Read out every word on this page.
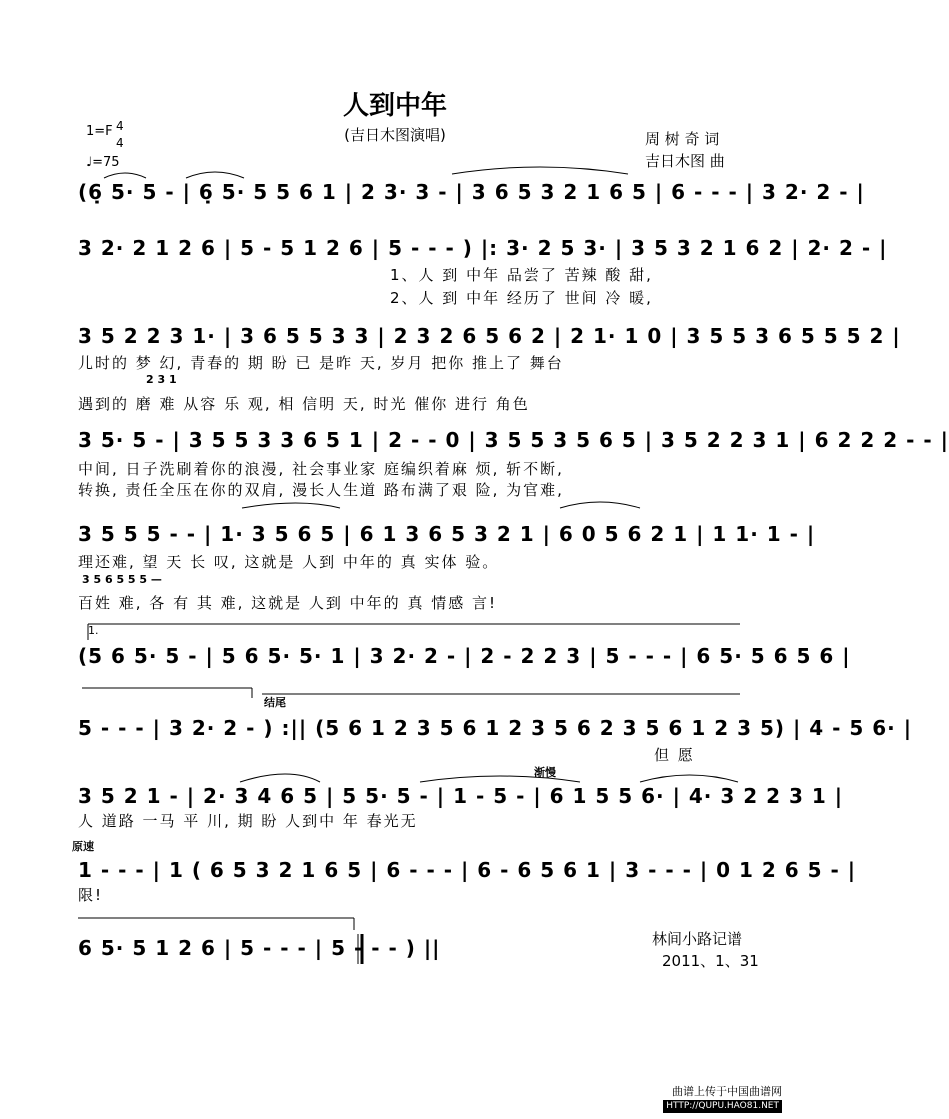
人到中年
(吉日木图演唱)
1=F 4
4
♩=75
周 树 奇 词
吉日木图 曲
(6̣ 5· 5 - | 6̣ 5· 5 5 6 1 | 2 3· 3 - | 3 6 5 3 2 1 6 5 | 6 - - - | 3 2· 2 - |
3 2· 2 1 2 6 | 5 - 5 1 2 6 | 5 - - - ) |: 3· 2 5 3· | 3 5 3 2 1 6 2 | 2· 2 - |
1、人 到 中年 品尝了 苦辣 酸 甜,
2、人 到 中年 经历了 世间 冷 暖,
3 5 2 2 3 1· | 3 6 5 5 3 3 | 2 3 2 6 5 6 2 | 2 1· 1 0 | 3 5 5 3 6 5 5 5 2 |
儿时的 梦 幻, 青春的 期 盼 已 是昨 天, 岁月 把你 推上了 舞台
2 3 1
遇到的 磨 难 从容 乐 观, 相 信明 天, 时光 催你 进行 角色
3 5· 5 - | 3 5 5 3 3 6 5 1 | 2 - - 0 | 3 5 5 3 5 6 5 | 3 5 2 2 3 1 | 6 2 2 2 - - |
中间, 日子洗刷着你的浪漫, 社会事业家 庭编织着麻 烦, 斩不断,
转换, 责任全压在你的双肩, 漫长人生道 路布满了艰 险, 为官难,
3 5 5 5 - - | 1· 3 5 6 5 | 6 1 3 6 5 3 2 1 | 6 0 5 6 2 1 | 1 1· 1 - |
理还难, 望 天 长 叹, 这就是 人到 中年的 真 实体 验。
3 5 6 5 5 5 —
百姓 难, 各 有 其 难, 这就是 人到 中年的 真 情感 言!
1.
(5 6 5· 5 - | 5 6 5· 5· 1 | 3 2· 2 - | 2 - 2 2 3 | 5 - - - | 6 5· 5 6 5 6 |
结尾
5 - - - | 3 2· 2 - ) :|| (5 6 1 2 3 5 6 1 2 3 5 6 2 3 5 6 1 2 3 5) | 4 - 5 6· |
但 愿
渐慢
3 5 2 1 - | 2· 3 4 6 5 | 5 5· 5 - | 1 - 5 - | 6 1 5 5 6· | 4· 3 2 2 3 1 |
人 道路 一马 平 川, 期 盼 人到中 年 春光无
原速
1 - - - | 1 ( 6 5 3 2 1 6 5 | 6 - - - | 6 - 6 5 6 1 | 3 - - - | 0 1 2 6 5 - |
限!
6 5· 5 1 2 6 | 5 - - - | 5 - - - ) ||	林间小路记谱
2011、1、31
曲谱上传于中国曲谱网
HTTP://QUPU.HAO81.NET
